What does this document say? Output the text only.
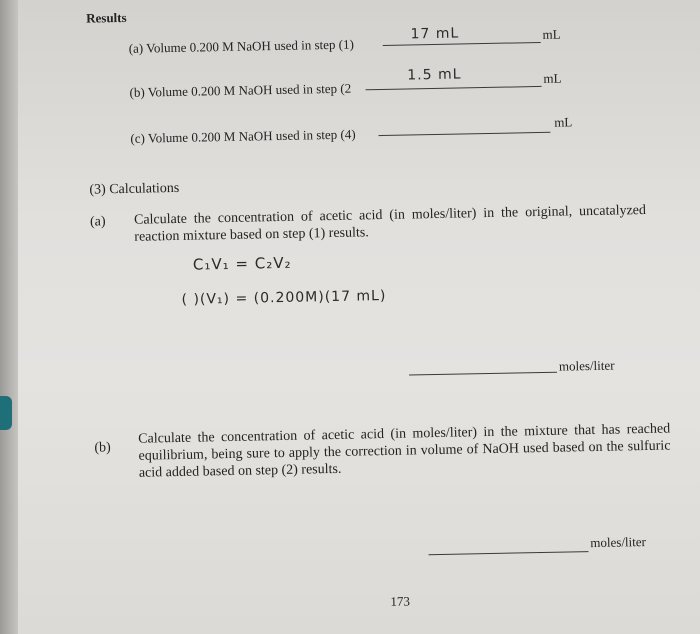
Results
(a) Volume 0.200 M NaOH used in step (1)
17 mL	mL
(b) Volume 0.200 M NaOH used in step (2
1.5 mL	mL
(c) Volume 0.200 M NaOH used in step (4)
mL
(3) Calculations
(a) Calculate the concentration of acetic acid (in moles/liter) in the original, uncatalyzed reaction mixture based on step (1) results.
C₁V₁ = C₂V₂
( )(V₁) = (0.200M)(17 mL)
moles/liter
(b)
Calculate the concentration of acetic acid (in moles/liter) in the mixture that has reached equilibrium, being sure to apply the correction in volume of NaOH used based on the sulfuric acid added based on step (2) results.
moles/liter
173
